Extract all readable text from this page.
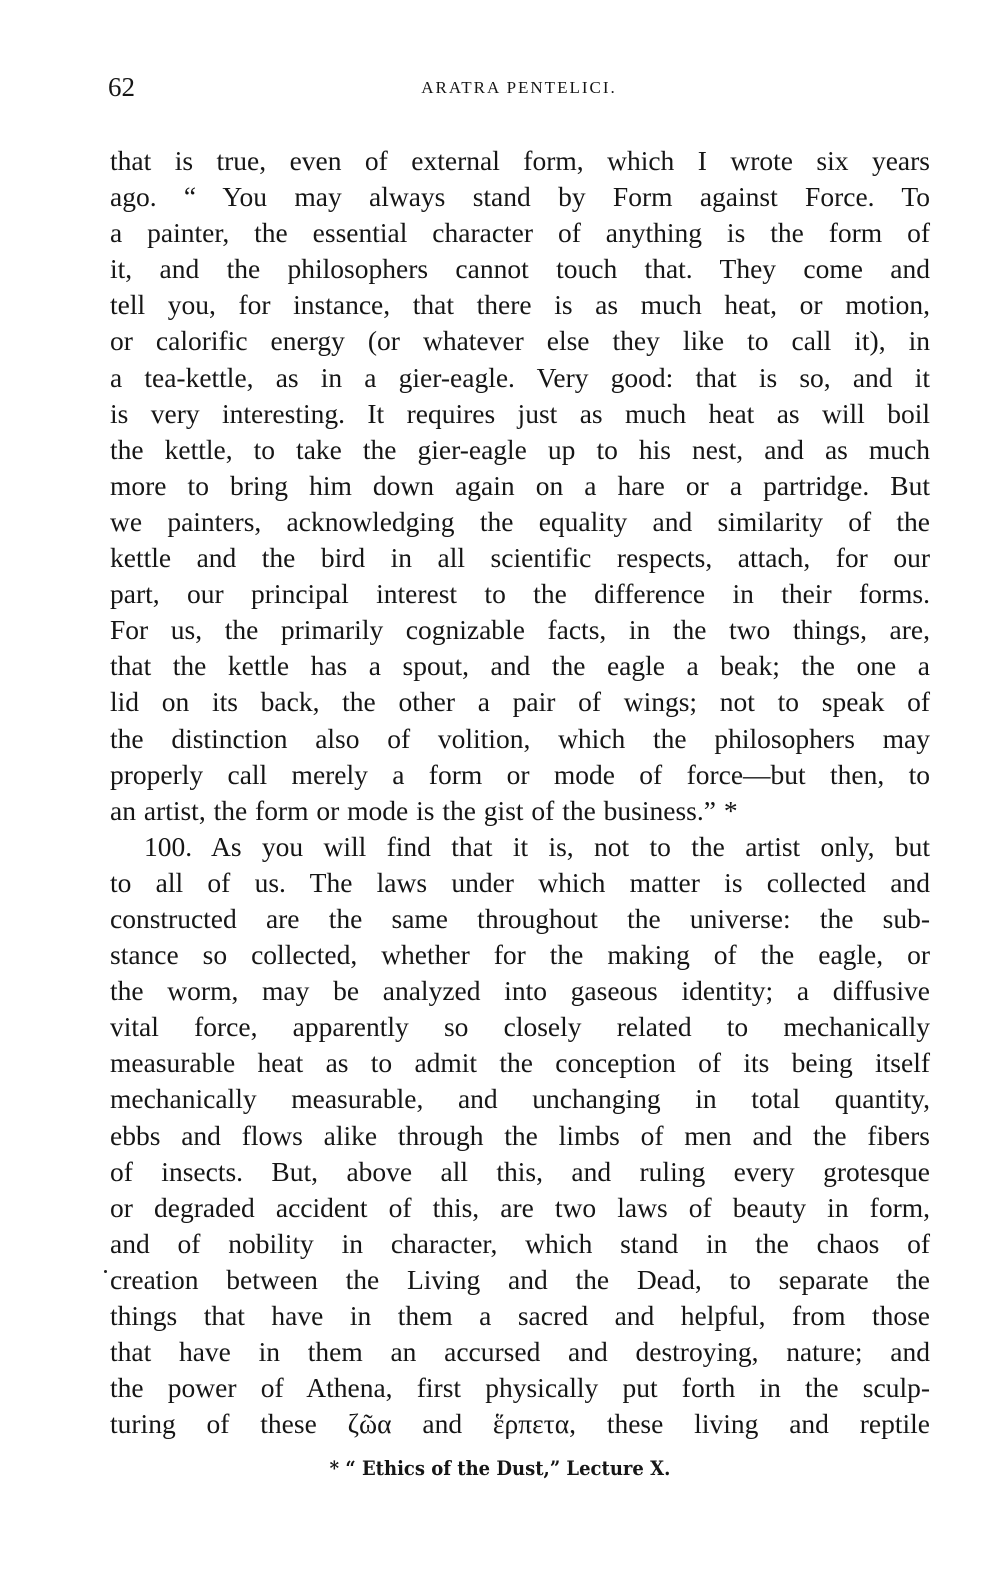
62	ARATRA PENTELICI.
that is true, even of external form, which I wrote six years
ago. “ You may always stand by Form against Force. To
a painter, the essential character of anything is the form of
it, and the philosophers cannot touch that. They come and
tell you, for instance, that there is as much heat, or motion,
or calorific energy (or whatever else they like to call it), in
a tea-kettle, as in a gier-eagle. Very good: that is so, and it
is very interesting. It requires just as much heat as will boil
the kettle, to take the gier-eagle up to his nest, and as much
more to bring him down again on a hare or a partridge. But
we painters, acknowledging the equality and similarity of the
kettle and the bird in all scientific respects, attach, for our
part, our principal interest to the difference in their forms.
For us, the primarily cognizable facts, in the two things, are,
that the kettle has a spout, and the eagle a beak; the one a
lid on its back, the other a pair of wings; not to speak of
the distinction also of volition, which the philosophers may
properly call merely a form or mode of force—but then, to
an artist, the form or mode is the gist of the business.” *
100. As you will find that it is, not to the artist only, but
to all of us. The laws under which matter is collected and
constructed are the same throughout the universe: the sub-
stance so collected, whether for the making of the eagle, or
the worm, may be analyzed into gaseous identity; a diffusive
vital force, apparently so closely related to mechanically
measurable heat as to admit the conception of its being itself
mechanically measurable, and unchanging in total quantity,
ebbs and flows alike through the limbs of men and the fibers
of insects. But, above all this, and ruling every grotesque
or degraded accident of this, are two laws of beauty in form,
and of nobility in character, which stand in the chaos of
creation between the Living and the Dead, to separate the
things that have in them a sacred and helpful, from those
that have in them an accursed and destroying, nature; and
the power of Athena, first physically put forth in the sculp-
turing of these ζῶα and ἕρπετα, these living and reptile
* “ Ethics of the Dust,” Lecture X.
